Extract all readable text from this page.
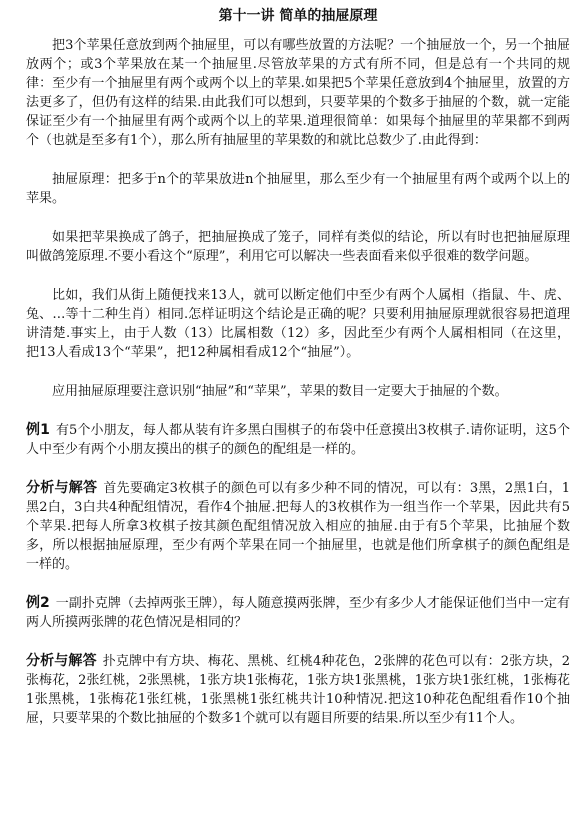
第十一讲 简单的抽屉原理

把3个苹果任意放到两个抽屉里，可以有哪些放置的方法呢？一个抽屉放一个，另一个抽屉放两个；或3个苹果放在某一个抽屉里.尽管放苹果的方式有所不同，但是总有一个共同的规律：至少有一个抽屉里有两个或两个以上的苹果.如果把5个苹果任意放到4个抽屉里，放置的方法更多了，但仍有这样的结果.由此我们可以想到，只要苹果的个数多于抽屉的个数，就一定能保证至少有一个抽屉里有两个或两个以上的苹果.道理很简单：如果每个抽屉里的苹果都不到两个（也就是至多有1个），那么所有抽屉里的苹果数的和就比总数少了.由此得到：

抽屉原理：把多于n个的苹果放进n个抽屉里，那么至少有一个抽屉里有两个或两个以上的苹果。

如果把苹果换成了鸽子，把抽屉换成了笼子，同样有类似的结论，所以有时也把抽屉原理叫做鸽笼原理.不要小看这个“原理”，利用它可以解决一些表面看来似乎很难的数学问题。

比如，我们从街上随便找来13人，就可以断定他们中至少有两个人属相（指鼠、牛、虎、兔、…等十二种生肖）相同.怎样证明这个结论是正确的呢？只要利用抽屉原理就很容易把道理讲清楚.事实上，由于人数（13）比属相数（12）多，因此至少有两个人属相相同（在这里，把13人看成13个“苹果”，把12种属相看成12个“抽屉”）。

应用抽屉原理要注意识别“抽屉”和“苹果”，苹果的数目一定要大于抽屉的个数。

例1 有5个小朋友，每人都从装有许多黑白围棋子的布袋中任意摸出3枚棋子.请你证明，这5个人中至少有两个小朋友摸出的棋子的颜色的配组是一样的。

分析与解答 首先要确定3枚棋子的颜色可以有多少种不同的情况，可以有：3黑，2黑1白，1黑2白，3白共4种配组情况，看作4个抽屉.把每人的3枚棋作为一组当作一个苹果，因此共有5个苹果.把每人所拿3枚棋子按其颜色配组情况放入相应的抽屉.由于有5个苹果，比抽屉个数多，所以根据抽屉原理，至少有两个苹果在同一个抽屉里，也就是他们所拿棋子的颜色配组是一样的。

例2 一副扑克牌（去掉两张王牌），每人随意摸两张牌，至少有多少人才能保证他们当中一定有两人所摸两张牌的花色情况是相同的？

分析与解答 扑克牌中有方块、梅花、黑桃、红桃4种花色，2张牌的花色可以有：2张方块，2张梅花，2张红桃，2张黑桃，1张方块1张梅花，1张方块1张黑桃，1张方块1张红桃，1张梅花1张黑桃，1张梅花1张红桃，1张黑桃1张红桃共计10种情况.把这10种花色配组看作10个抽屉，只要苹果的个数比抽屉的个数多1个就可以有题目所要的结果.所以至少有11个人。
